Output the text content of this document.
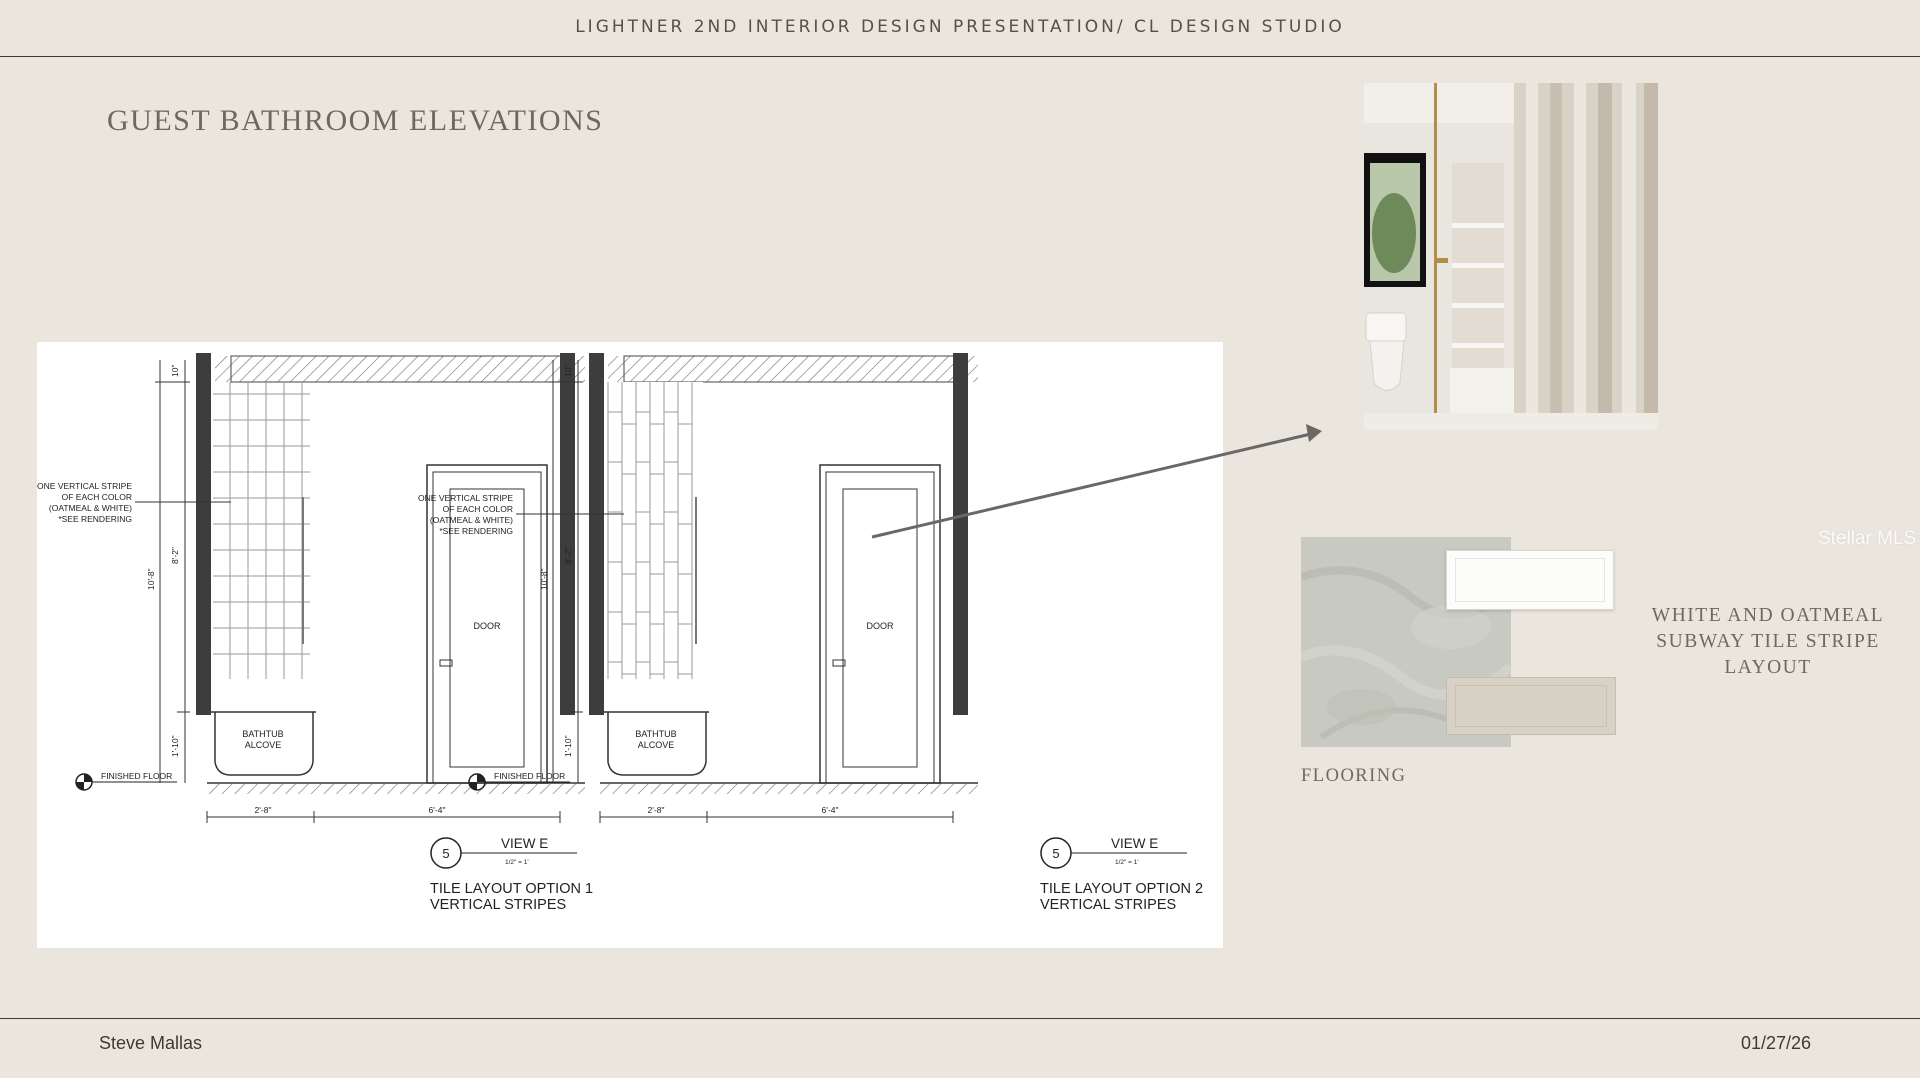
LIGHTNER 2ND INTERIOR DESIGN PRESENTATION/ CL DESIGN STUDIO
GUEST BATHROOM ELEVATIONS
BATHTUB
ALCOVE
DOOR
FINISHED FLOOR
10"
8'-2"
1'-10"
10'-8"
ONE VERTICAL STRIPE
OF EACH COLOR
(OATMEAL & WHITE)
*SEE RENDERING
2'-8"	6'-4"
5
VIEW E
1/2" = 1'
TILE LAYOUT OPTION 1
VERTICAL STRIPES
BATHTUB
ALCOVE
DOOR
FINISHED FLOOR
10"
8'-2"
1'-10"
10'-8"
ONE VERTICAL STRIPE
OF EACH COLOR
(OATMEAL & WHITE)
*SEE RENDERING
2'-8"	6'-4"
5
VIEW E
1/2" = 1'
TILE LAYOUT OPTION 2
VERTICAL STRIPES
WHITE AND OATMEAL
SUBWAY TILE STRIPE
LAYOUT
FLOORING
Stellar MLS
Steve Mallas	01/27/26
